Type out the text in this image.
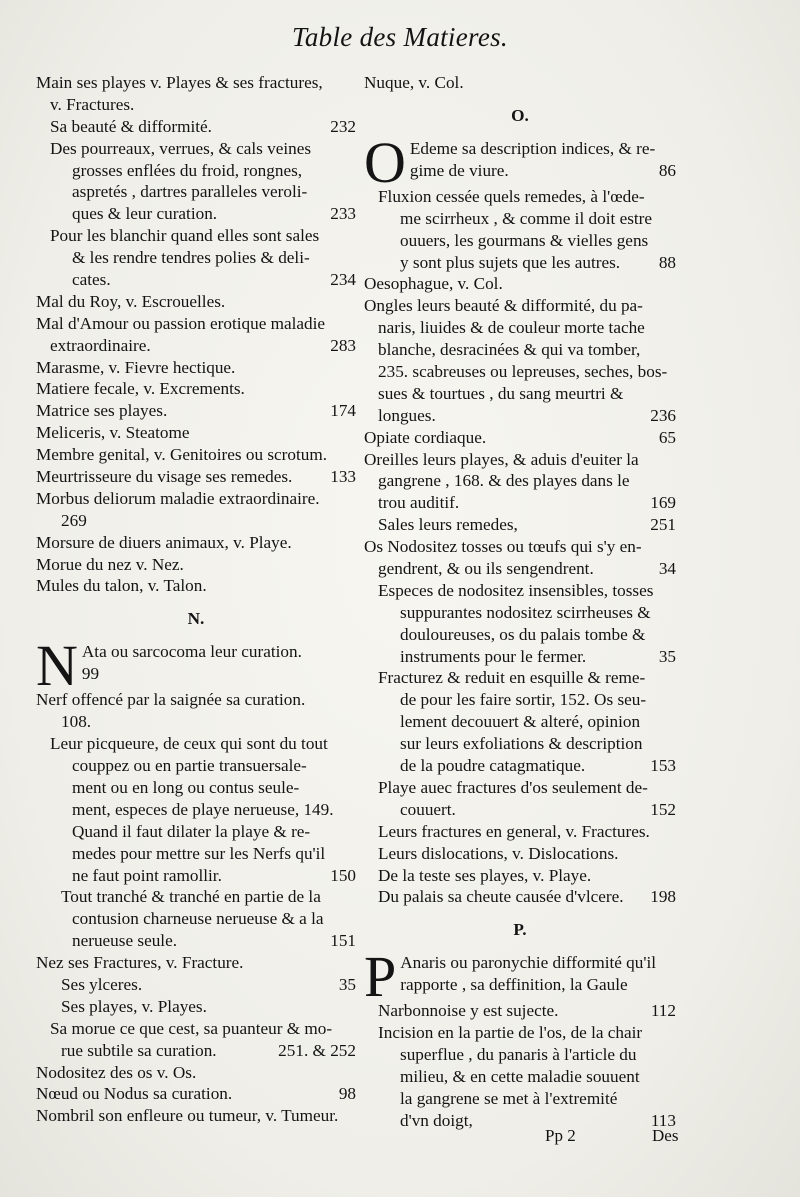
Table des Matieres.
Main ses playes v. Playes & ses fractures,
v. Fractures.
Sa beauté & difformité.	232
Des pourreaux, verrues, & cals veines
grosses enflées du froid, rongnes,
aspretés , dartres paralleles veroli-
ques & leur curation.	233
Pour les blanchir quand elles sont sales
& les rendre tendres polies & deli-
cates.	234
Mal du Roy, v. Escrouelles.
Mal d'Amour ou passion erotique maladie
extraordinaire.	283
Marasme, v. Fievre hectique.
Matiere fecale, v. Excrements.
Matrice ses playes.	174
Meliceris, v. Steatome
Membre genital, v. Genitoires ou scrotum.
Meurtrisseure du visage ses remedes. 133
Morbus deliorum maladie extraordinaire.
269
Morsure de diuers animaux, v. Playe.
Morue du nez v. Nez.
Mules du talon, v. Talon.
N.
N Ata ou sarcocoma leur curation.
99
Nerf offencé par la saignée sa curation.
108.
Leur picqueure, de ceux qui sont du tout
couppez ou en partie transuersale-
ment ou en long ou contus seule-
ment, especes de playe nerueuse, 149.
Quand il faut dilater la playe & re-
medes pour mettre sur les Nerfs qu'il
ne faut point ramollir.	150
Tout tranché & tranché en partie de la
contusion charneuse nerueuse & a la
nerueuse seule.	151
Nez ses Fractures, v. Fracture.
Ses ylceres.	35
Ses playes, v. Playes.
Sa morue ce que cest, sa puanteur & mo-
rue subtile sa curation.	251. & 252
Nodositez des os v. Os.
Nœud ou Nodus sa curation.	98
Nombril son enfleure ou tumeur, v. Tumeur.
Nuque, v. Col.
O.
O Edeme sa description indices, & re-
gime de viure.	86
Fluxion cessée quels remedes, à l'œde-
me scirrheux , & comme il doit estre
ouuers, les gourmans & vielles gens
y sont plus sujets que les autres. 88
Oesophague, v. Col.
Ongles leurs beauté & difformité, du pa-
naris, liuides & de couleur morte tache
blanche, desracinées & qui va tomber,
235. scabreuses ou lepreuses, seches, bos-
sues & tourtues , du sang meurtri &
longues.	236
Opiate cordiaque.	65
Oreilles leurs playes, & aduis d'euiter la
gangrene , 168. & des playes dans le
trou auditif.	169
Sales leurs remedes,	251
Os Nodositez tosses ou tœufs qui s'y en-
gendrent, & ou ils sengendrent.	34
Especes de nodositez insensibles, tosses
suppurantes nodositez scirrheuses &
douloureuses, os du palais tombe &
instruments pour le fermer.	35
Fracturez & reduit en esquille & reme-
de pour les faire sortir, 152. Os seu-
lement decouuert & alteré, opinion
sur leurs exfoliations & description
de la poudre catagmatique.	153
Playe auec fractures d'os seulement de-
couuert.	152
Leurs fractures en general, v. Fractures.
Leurs dislocations, v. Dislocations.
De la teste ses playes, v. Playe.
Du palais sa cheute causée d'vlcere. 198
P.
P Anaris ou paronychie difformité qu'il
rapporte , sa deffinition, la Gaule
Narbonnoise y est sujecte.	112
Incision en la partie de l'os, de la chair
superflue , du panaris à l'article du
milieu, & en cette maladie souuent
la gangrene se met à l'extremité
d'vn doigt,	113
Pp 2	Des
